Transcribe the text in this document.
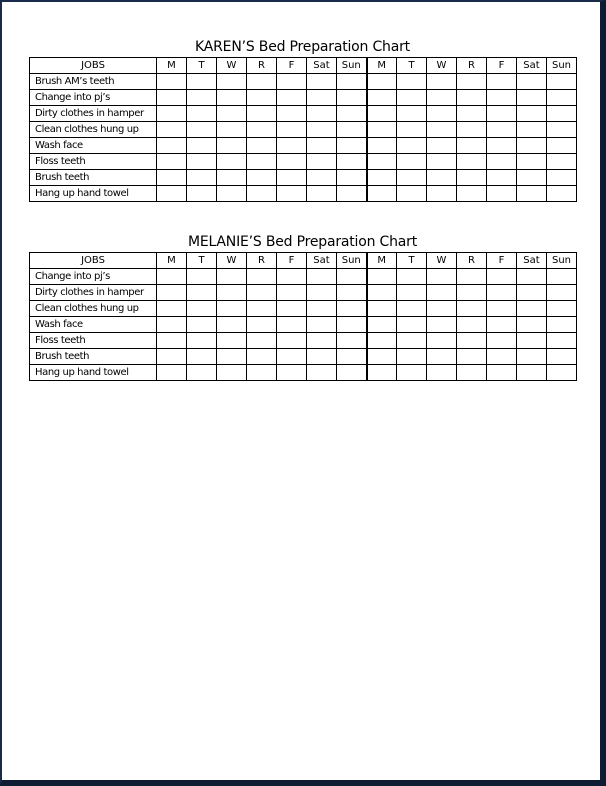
KAREN’S Bed Preparation Chart
JOBS	M	T	W	R	F	Sat	Sun	M	T	W	R	F	Sat	Sun
Brush AM’s teeth														
Change into pj’s														
Dirty clothes in hamper														
Clean clothes hung up														
Wash face														
Floss teeth														
Brush teeth														
Hang up hand towel														
MELANIE’S Bed Preparation Chart
JOBS	M	T	W	R	F	Sat	Sun	M	T	W	R	F	Sat	Sun
Change into pj’s														
Dirty clothes in hamper														
Clean clothes hung up														
Wash face														
Floss teeth														
Brush teeth														
Hang up hand towel														
